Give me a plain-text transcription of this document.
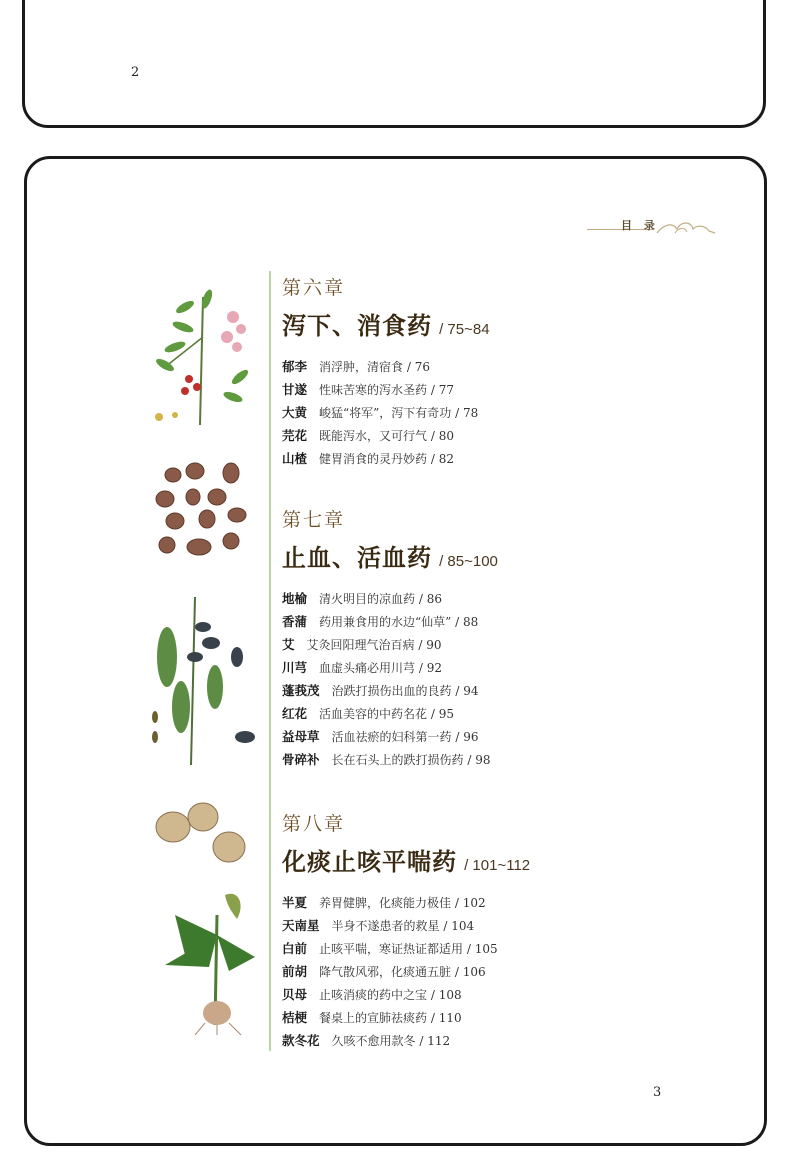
2
目 录
第六章
泻下、消食药 / 75~84
郁李 消浮肿，清宿食 / 76
甘遂 性味苦寒的泻水圣药 / 77
大黄 峻猛“将军”，泻下有奇功 / 78
芫花 既能泻水，又可行气 / 80
山楂 健胃消食的灵丹妙药 / 82
第七章
止血、活血药 / 85~100
地榆 清火明目的凉血药 / 86
香蒲 药用兼食用的水边“仙草” / 88
艾 艾灸回阳理气治百病 / 90
川芎 血虚头痛必用川芎 / 92
蓬莪茂 治跌打损伤出血的良药 / 94
红花 活血美容的中药名花 / 95
益母草 活血祛瘀的妇科第一药 / 96
骨碎补 长在石头上的跌打损伤药 / 98
第八章
化痰止咳平喘药 / 101~112
半夏 养胃健脾，化痰能力极佳 / 102
天南星 半身不遂患者的救星 / 104
白前 止咳平喘，寒证热证都适用 / 105
前胡 降气散风邪，化痰通五脏 / 106
贝母 止咳消痰的药中之宝 / 108
桔梗 餐桌上的宣肺祛痰药 / 110
款冬花 久咳不愈用款冬 / 112
3
